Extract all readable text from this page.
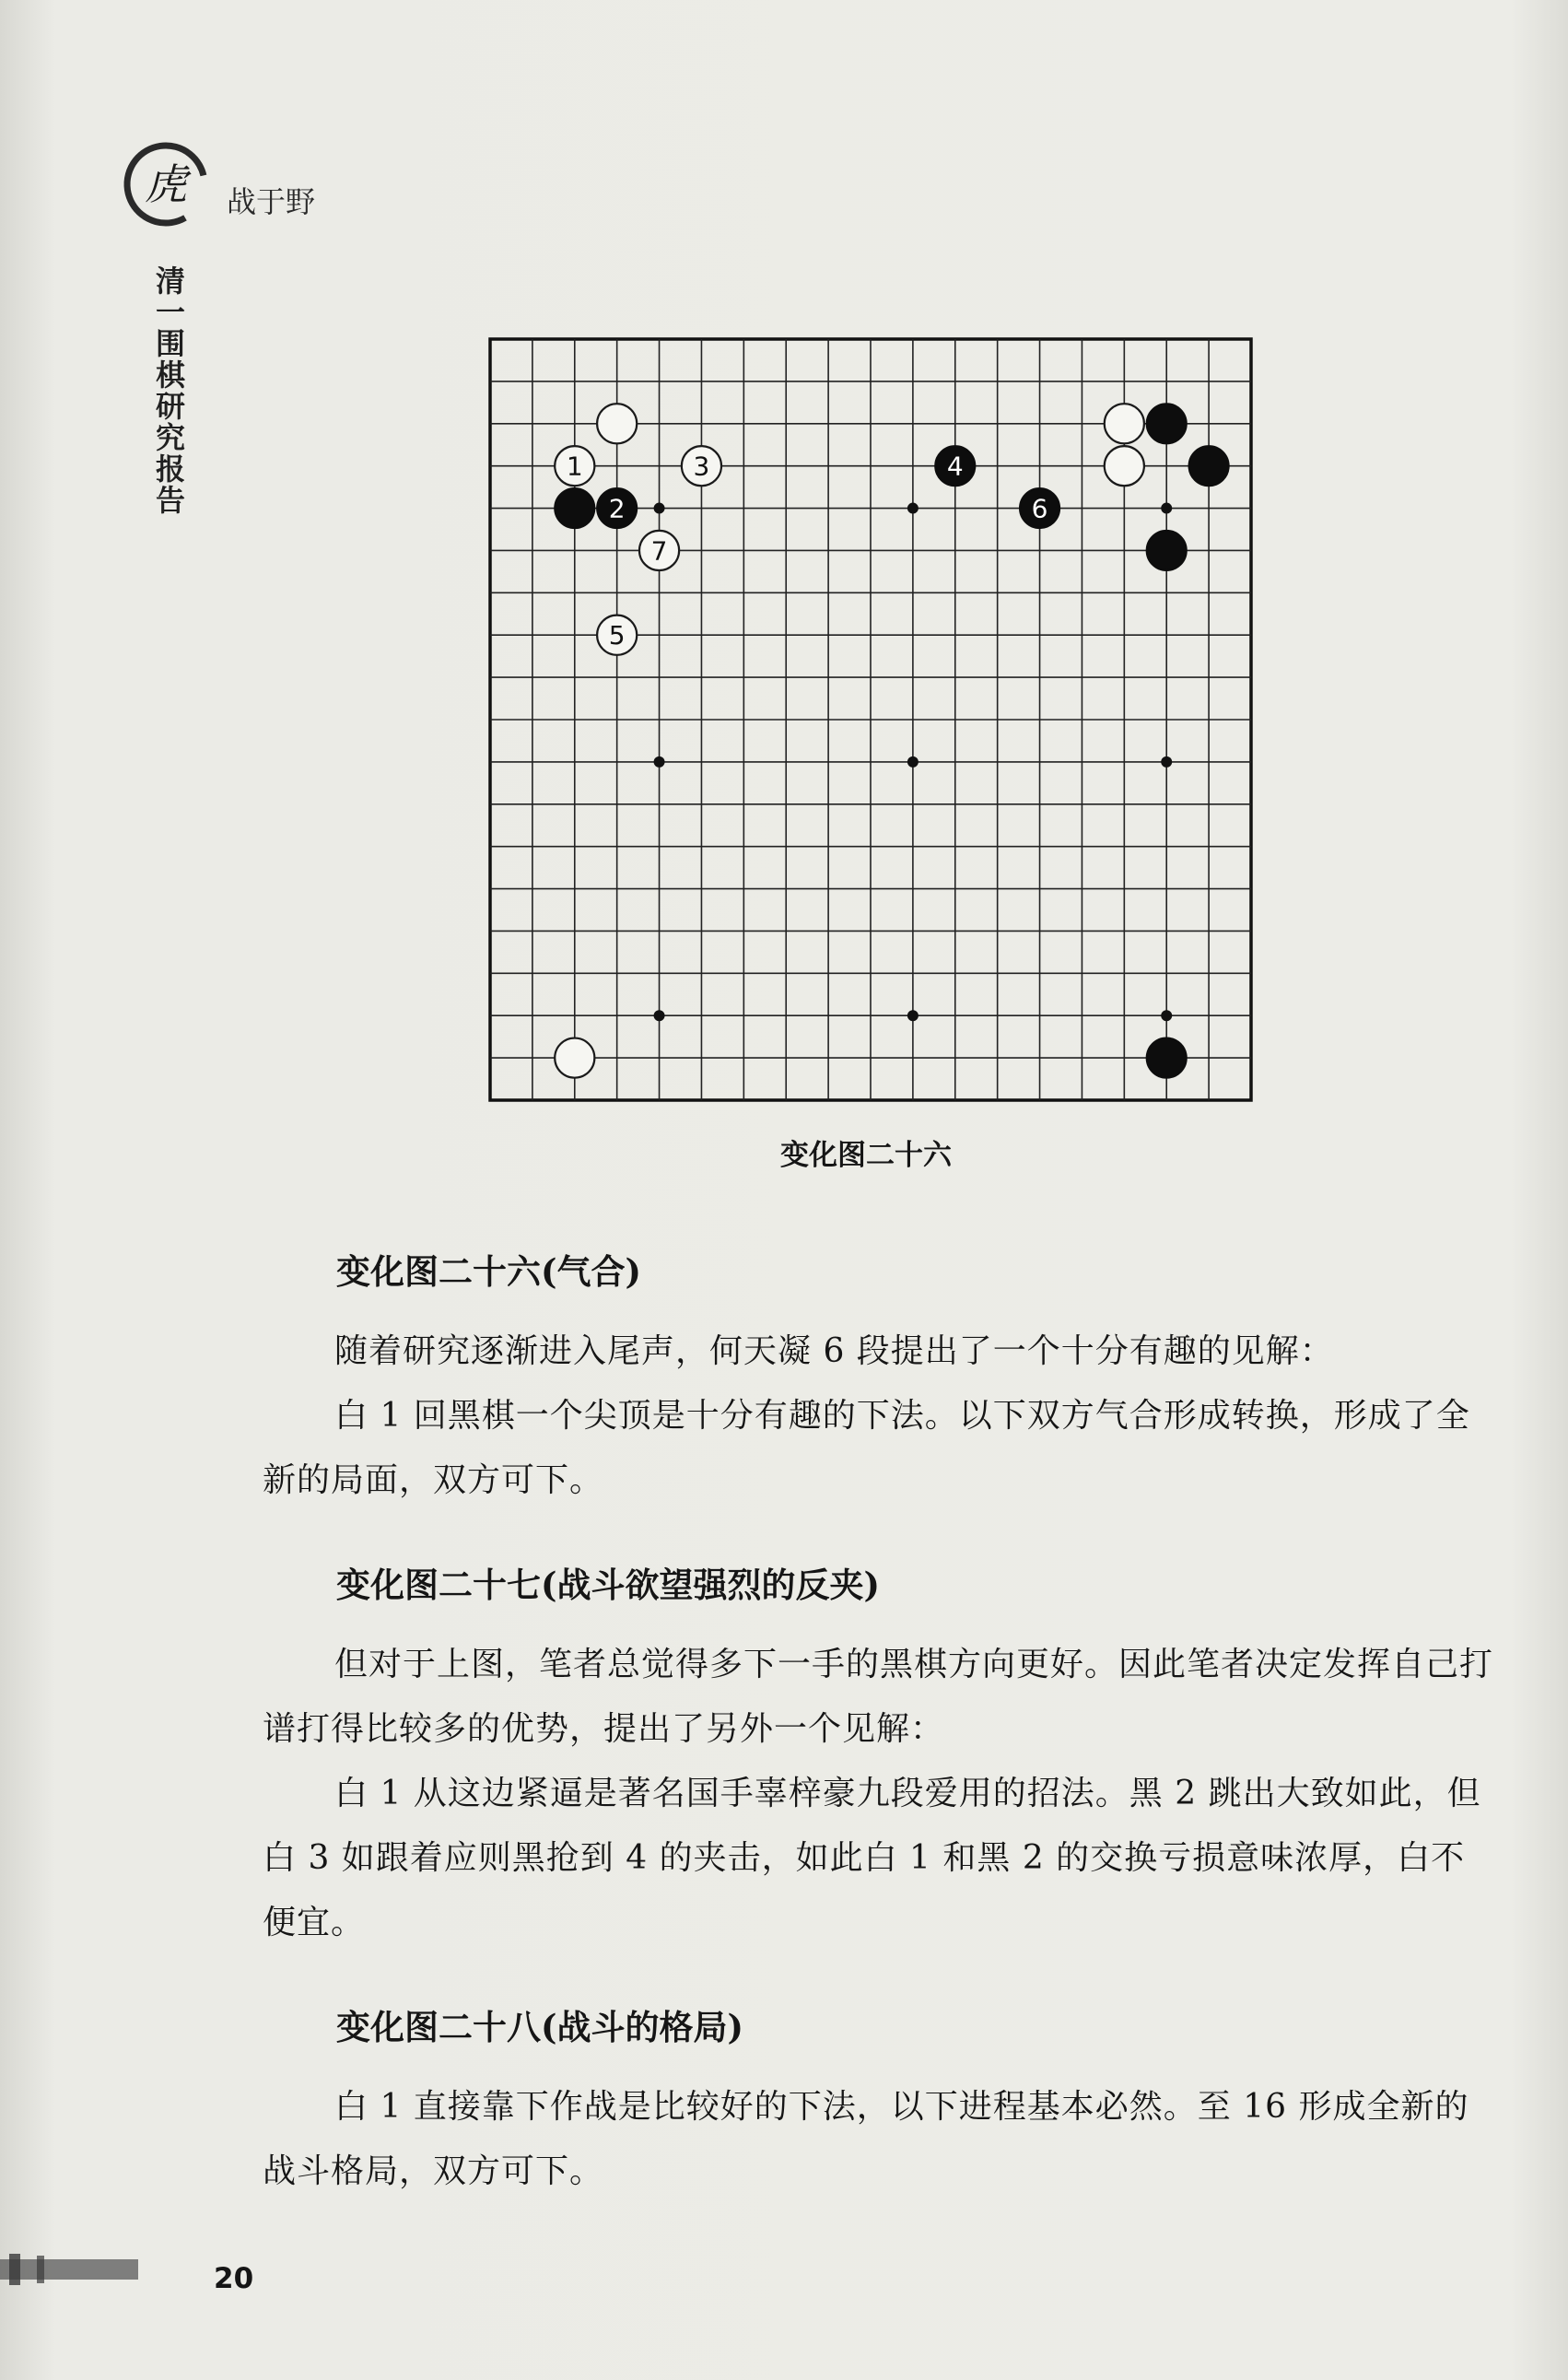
虎 战于野
清一围棋研究报告	1
2
3	4
5
6
7
变化图二十六

变化图二十六(气合)

随着研究逐渐进入尾声，何天凝 6 段提出了一个十分有趣的见解：

白 1 回黑棋一个尖顶是十分有趣的下法。以下双方气合形成转换，形成了全新的局面，双方可下。

变化图二十七(战斗欲望强烈的反夹)

但对于上图，笔者总觉得多下一手的黑棋方向更好。因此笔者决定发挥自己打谱打得比较多的优势，提出了另外一个见解：

白 1 从这边紧逼是著名国手辜梓豪九段爱用的招法。黑 2 跳出大致如此，但白 3 如跟着应则黑抢到 4 的夹击，如此白 1 和黑 2 的交换亏损意味浓厚，白不便宜。

变化图二十八(战斗的格局)

白 1 直接靠下作战是比较好的下法，以下进程基本必然。至 16 形成全新的战斗格局，双方可下。

20
